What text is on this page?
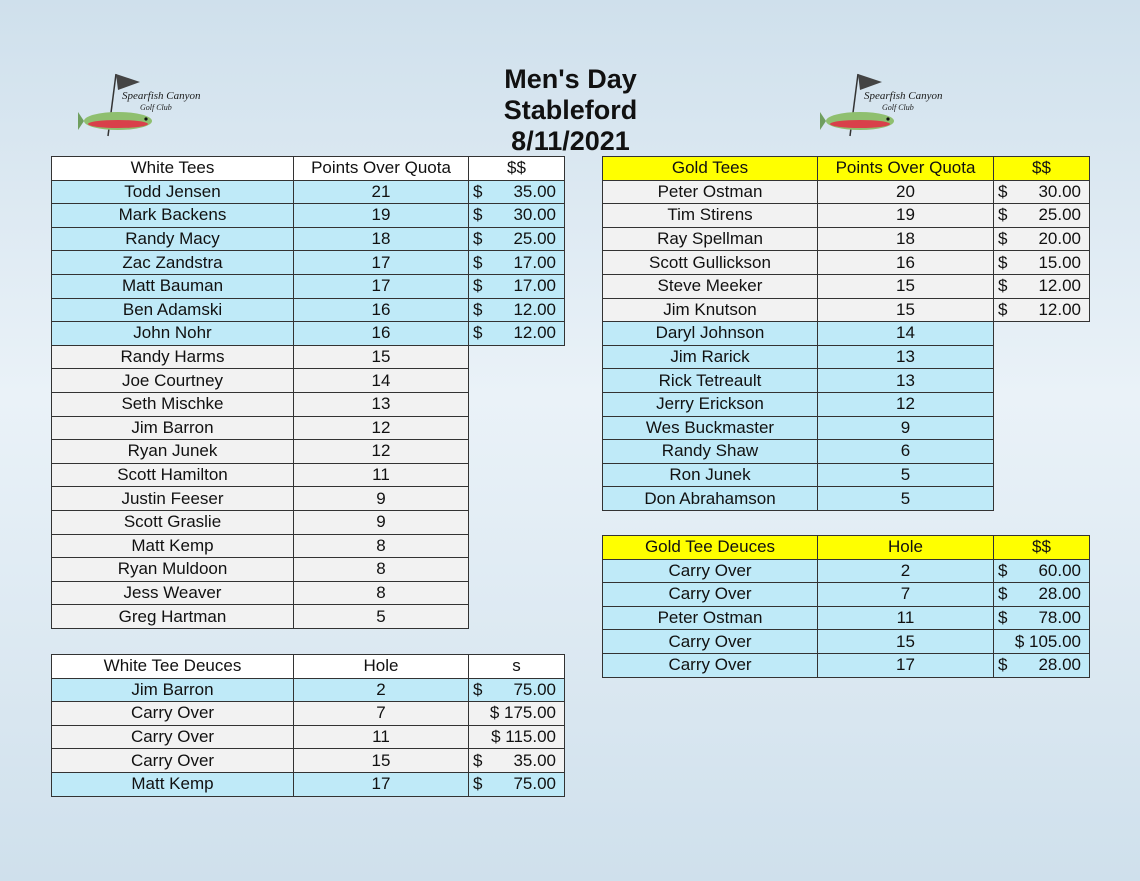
Spearfish Canyon
Golf Club
Spearfish Canyon
Golf Club
Men's Day
Stableford
8/11/2021
White Tees	Points Over Quota	$$
Todd Jensen	21	$ 35.00

Mark Backens	19	$ 30.00

Randy Macy	18	$ 25.00

Zac Zandstra	17	$ 17.00

Matt Bauman	17	$ 17.00

Ben Adamski	16	$ 12.00

John Nohr	16	$ 12.00

Randy Harms	15	
Joe Courtney	14	
Seth Mischke	13	
Jim Barron	12	
Ryan Junek	12	
Scott Hamilton	11	
Justin Feeser	9	
Scott Graslie	9	
Matt Kemp	8	
Ryan Muldoon	8	
Jess Weaver	8	
Greg Hartman	5	
Gold Tees	Points Over Quota	$$
Peter Ostman	20	$ 30.00

Tim Stirens	19	$ 25.00

Ray Spellman	18	$ 20.00

Scott Gullickson	16	$ 15.00

Steve Meeker	15	$ 12.00

Jim Knutson	15	$ 12.00

Daryl Johnson	14	
Jim Rarick	13	
Rick Tetreault	13	
Jerry Erickson	12	
Wes Buckmaster	9	
Randy Shaw	6	
Ron Junek	5	
Don Abrahamson	5	
White Tee Deuces	Hole	s
Jim Barron	2	$ 75.00

Carry Over	7	$ 175.00

Carry Over	11	$ 115.00

Carry Over	15	$ 35.00

Matt Kemp	17	$ 75.00
Gold Tee Deuces	Hole	$$
Carry Over	2	$ 60.00

Carry Over	7	$ 28.00

Peter Ostman	11	$ 78.00

Carry Over	15	$ 105.00

Carry Over	17	$ 28.00
